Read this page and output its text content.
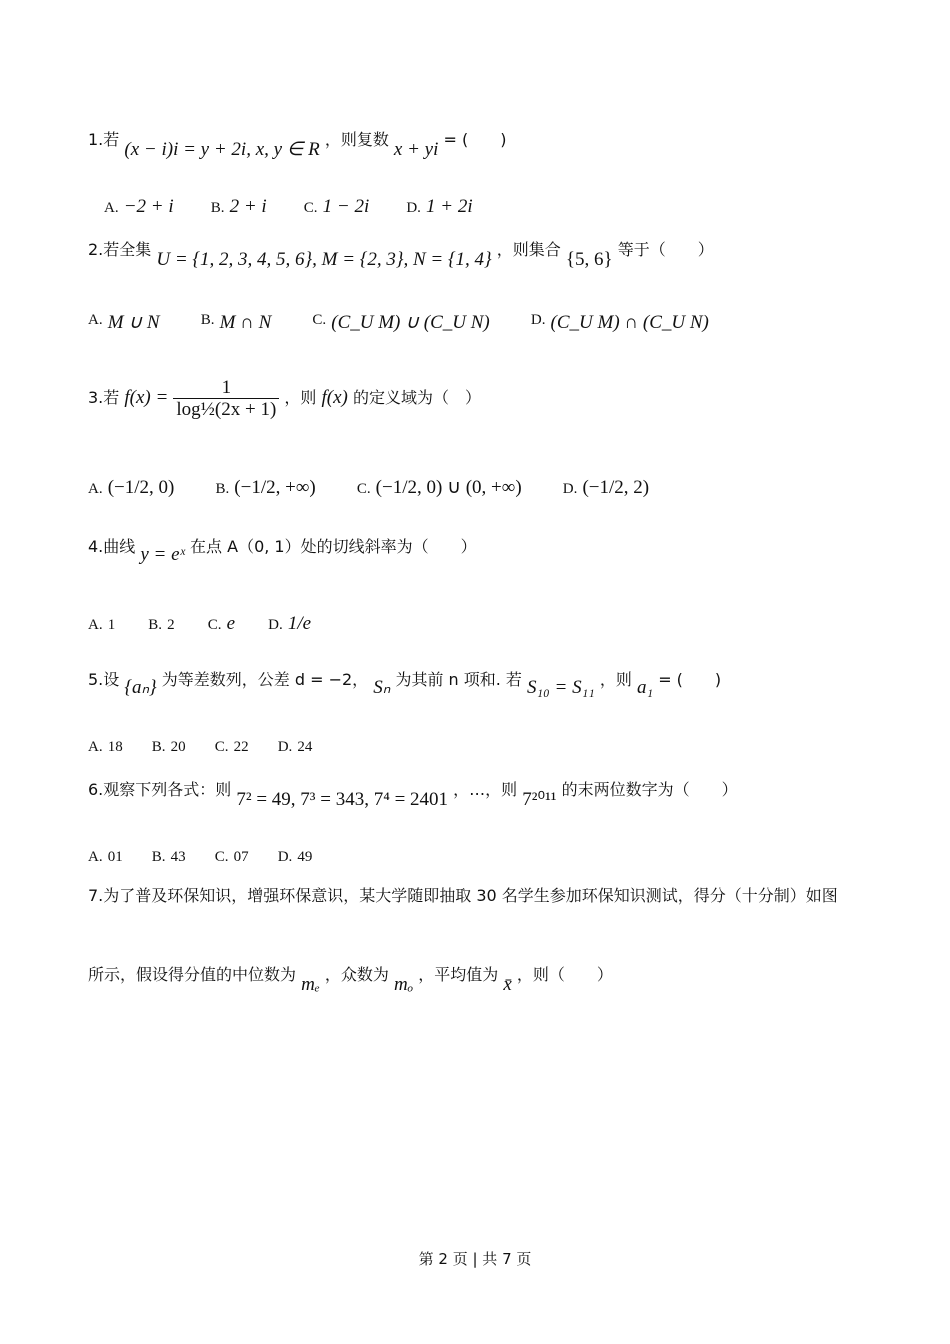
1.若 (x − i)i = y + 2i, x, y ∈ R ，则复数 x + yi = (　　)
A. −2 + i B. 2 + i C. 1 − 2i D. 1 + 2i
2.若全集 U = {1, 2, 3, 4, 5, 6}, M = {2, 3}, N = {1, 4} ，则集合 {5, 6} 等于（　　）
A. M ∪ N	B. M ∩ N	C. (C_U M) ∪ (C_U N)	D. (C_U M) ∩ (C_U N)
3.若 $f(x) = \frac{1}{\text{log½(2x + 1)}}$ ，则 f(x) 的定义域为（　）
A. (−1/2, 0)	B. (−1/2, +∞)	C. (−1/2, 0) ∪ (0, +∞)	D. (−1/2, 2)
4.曲线 y = eˣ 在点 A（0, 1）处的切线斜率为（　　）
A. 1 B. 2 C. e D. 1/e
5.设 {aₙ} 为等差数列，公差 d = −2， Sₙ 为其前 n 项和. 若 S₁₀ = S₁₁ ，则 a₁ = (　　)
A. 18 B. 20 C. 22 D. 24
6.观察下列各式：则 7² = 49, 7³ = 343, 7⁴ = 2401 ，…，则 7²⁰¹¹ 的末两位数字为（　　）
A. 01 B. 43 C. 07 D. 49
7.为了普及环保知识，增强环保意识，某大学随即抽取 30 名学生参加环保知识测试，得分（十分制）如图
所示，假设得分值的中位数为 mₑ ，众数为 mₒ ，平均值为 x̄ ，则（　　）
第 2 页 | 共 7 页
